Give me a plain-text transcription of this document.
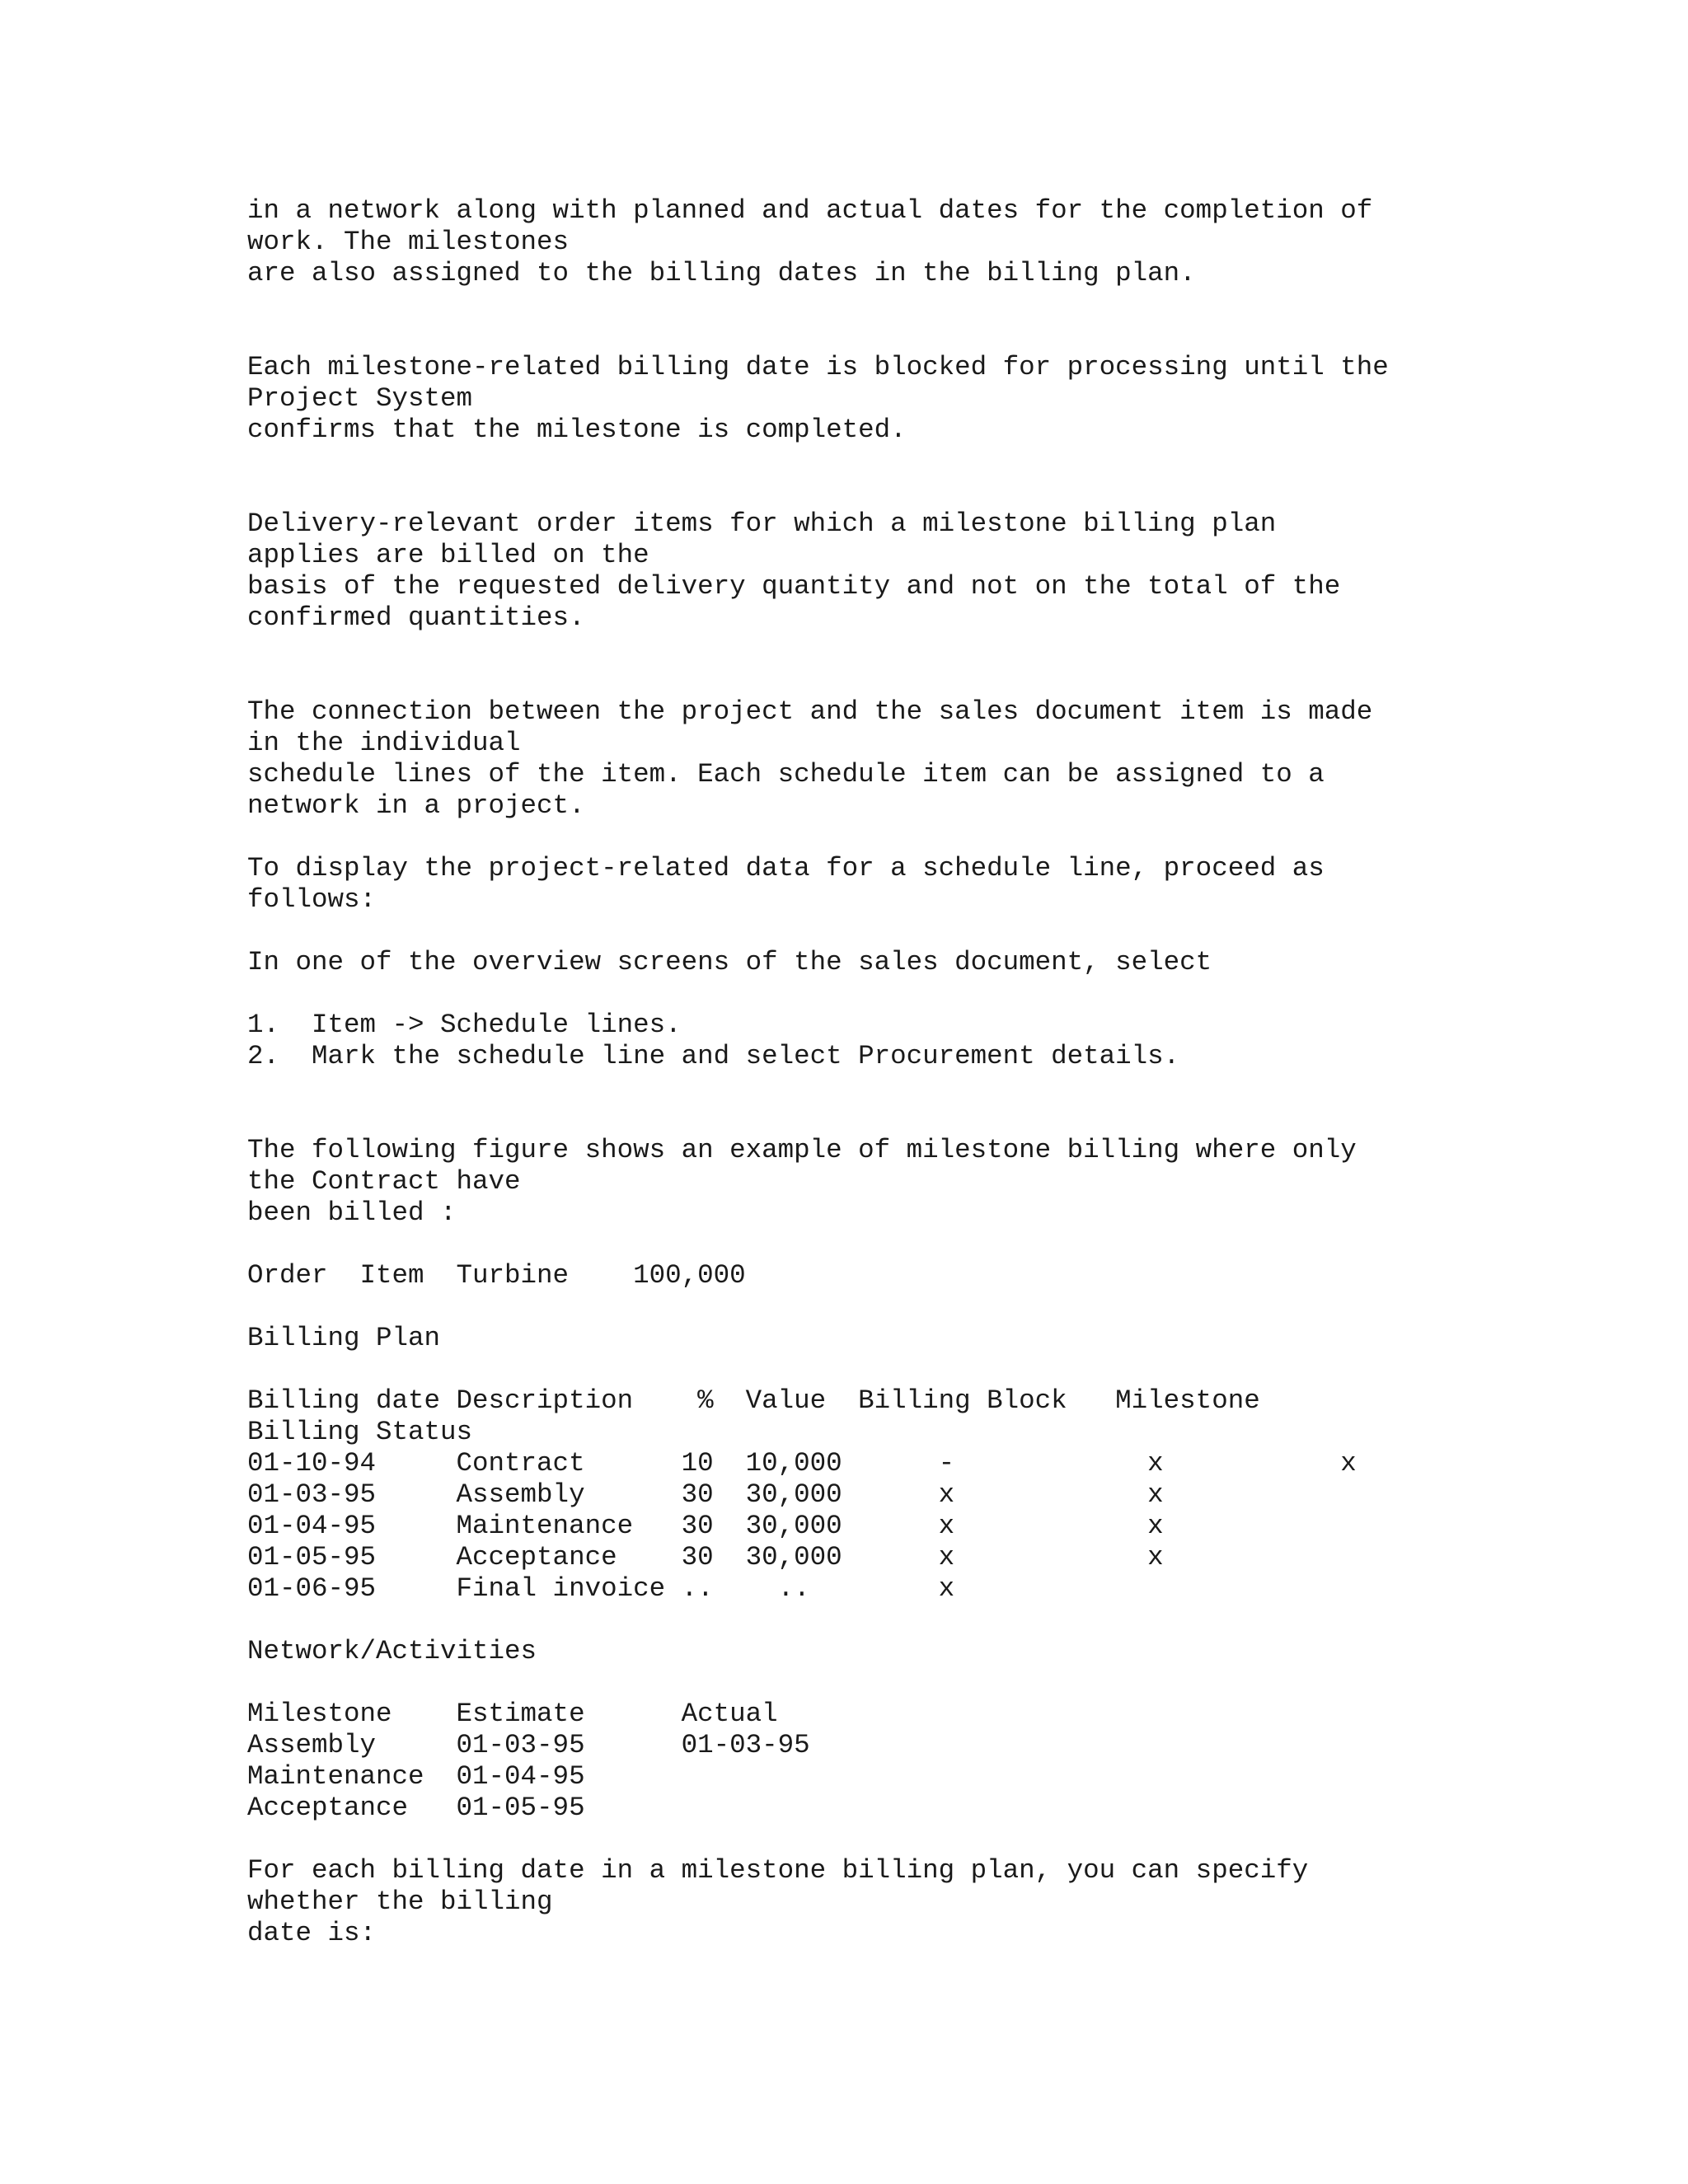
in a network along with planned and actual dates for the completion of
work. The milestones
are also assigned to the billing dates in the billing plan.
Each milestone-related billing date is blocked for processing until the
Project System
confirms that the milestone is completed.
Delivery-relevant order items for which a milestone billing plan
applies are billed on the
basis of the requested delivery quantity and not on the total of the
confirmed quantities.
The connection between the project and the sales document item is made
in the individual
schedule lines of the item. Each schedule item can be assigned to a
network in a project.
To display the project-related data for a schedule line, proceed as
follows:
In one of the overview screens of the sales document, select
1.  Item -> Schedule lines.
2.  Mark the schedule line and select Procurement details.
The following figure shows an example of milestone billing where only
the Contract have
been billed :
Order  Item  Turbine    100,000
Billing Plan
Billing date Description    %  Value  Billing Block   Milestone
Billing Status
01-10-94     Contract      10  10,000      -            x           x
01-03-95     Assembly      30  30,000      x            x
01-04-95     Maintenance   30  30,000      x            x
01-05-95     Acceptance    30  30,000      x            x
01-06-95     Final invoice ..    ..        x
Network/Activities
Milestone    Estimate      Actual
Assembly     01-03-95      01-03-95
Maintenance  01-04-95
Acceptance   01-05-95
For each billing date in a milestone billing plan, you can specify
whether the billing
date is:
